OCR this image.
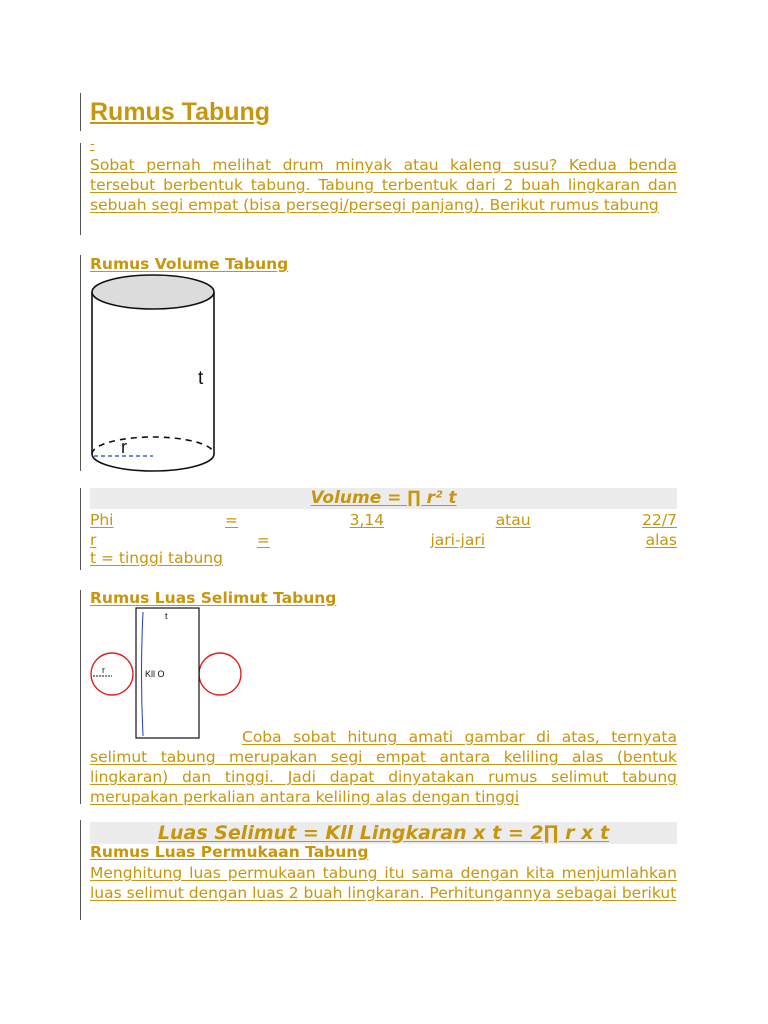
Rumus Tabung
-
Sobat pernah melihat drum minyak atau kaleng susu? Kedua benda tersebut berbentuk tabung. Tabung terbentuk dari 2 buah lingkaran dan sebuah segi empat (bisa persegi/persegi panjang). Berikut rumus tabung
Rumus Volume Tabung
t
r
Volume = ∏ r² t
Phi	=	3,14	atau	22/7
r	=	jari-jari	alas
t = tinggi tabung
Rumus Luas Selimut Tabung
r
t
Kll O
Coba sobat hitung amati gambar di atas, ternyata selimut tabung merupakan segi empat antara keliling alas (bentuk lingkaran) dan tinggi. Jadi dapat dinyatakan rumus selimut tabung merupakan perkalian antara keliling alas dengan tinggi
Luas Selimut = Kll Lingkaran x t = 2∏ r x t
Rumus Luas Permukaan Tabung
Menghitung luas permukaan tabung itu sama dengan kita menjumlahkan luas selimut dengan luas 2 buah lingkaran. Perhitungannya sebagai berikut
